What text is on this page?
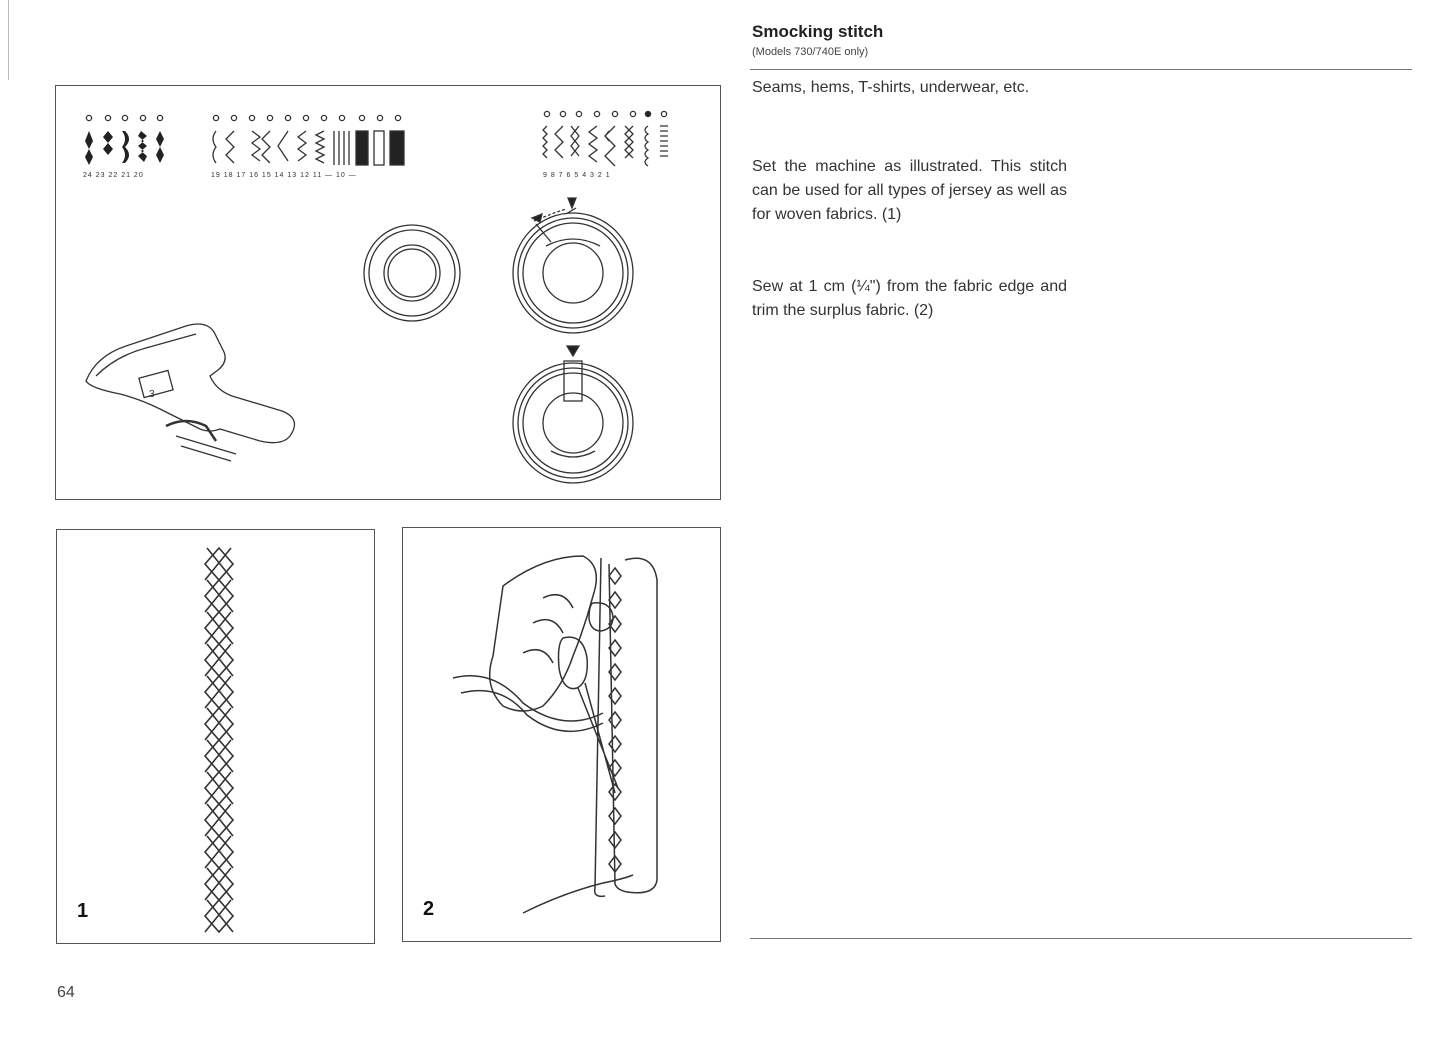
24 23 22 21 20	19 18 17 16 15 14 13 12 11 — 10 —	9 8 7 6 5 4 3 2 1
3
1	2
Smocking stitch
(Models 730/740E only)

Seams, hems, T-shirts, underwear, etc.

Set the machine as illustrated. This stitch can be used for all types of jersey as well as for woven fabrics. (1)

Sew at 1 cm (¼") from the fabric edge and trim the surplus fabric. (2)

64
